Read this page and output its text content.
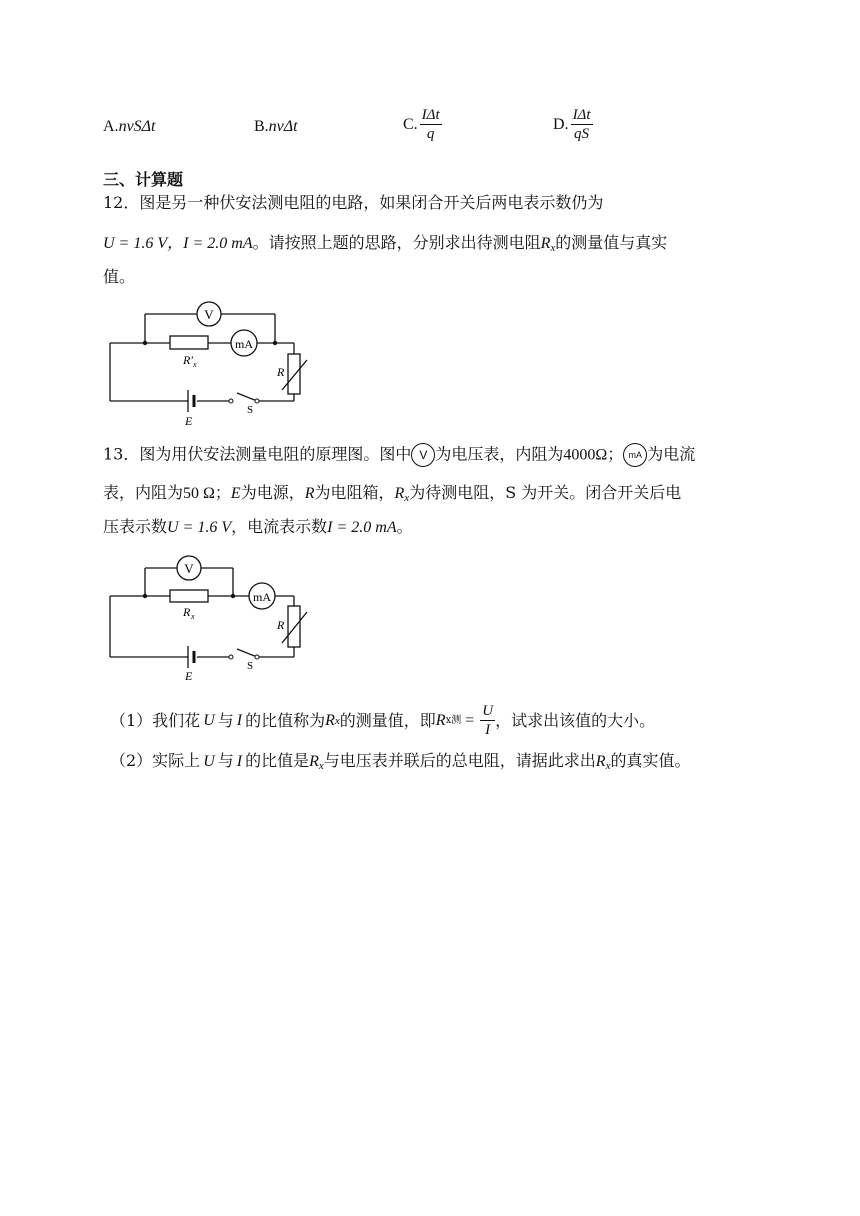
A.nvSΔt	B.nvΔt	C. $\frac{\text{IΔt}}{q}$	D. $\frac{\text{IΔt}}{qS}$
三、计算题
12．图是另一种伏安法测电阻的电路，如果闭合开关后两电表示数仍为
U = 1.6 V，I = 2.0 mA。请按照上题的思路，分别求出待测电阻$R_x$的测量值与真实
值。
V
mA
R′ x
R
E
S
13．图为用伏安法测量电阻的原理图。图中 V 为电压表，内阻为4000Ω； mA 为电流
表，内阻为50 Ω；E为电源，R为电阻箱，$R_x$为待测电阻，S 为开关。闭合开关后电
压表示数U = 1.6 V，电流表示数I = 2.0 mA。
V
mA
R x
R
E
S
（1）我们花 U 与 I 的比值称为 R x 的测量值，即 R x测 = $\frac{U}{I}$ ，试求出该值的大小。
（2）实际上 U 与 I 的比值是$R_x$与电压表并联后的总电阻，请据此求出$R_x$的真实值。
